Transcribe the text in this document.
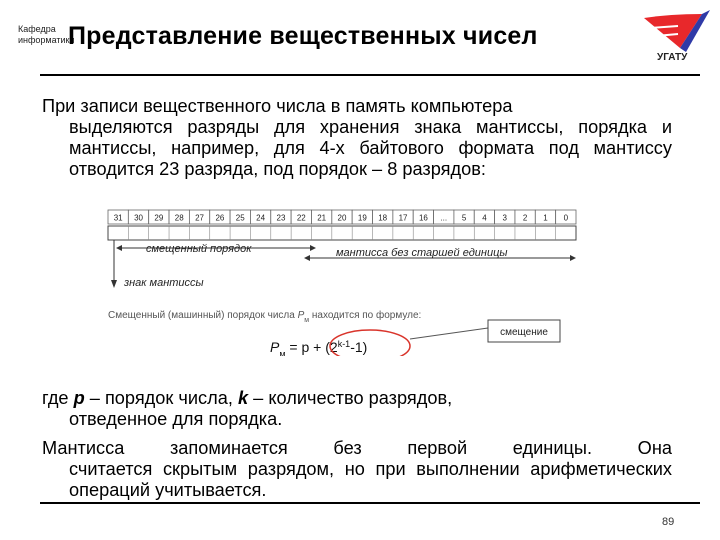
Кафедра
информатики
Представление вещественных чисел
УГАТУ

При записи вещественного числа в память компьютера
выделяются разряды для хранения знака мантиссы, порядка и мантиссы, например, для 4-х байтового формата под мантиссу отводится 23 разряда, под порядок – 8 разрядов:

31 30 29 28 27 26 25 24 23 22 21 20 19 18 17 16 ... 5 4 3 2 1 0
смещенный порядок	мантисса без старшей единицы
знак мантиссы
Смещенный (машинный) порядок числа $P_м$ находится по формуле:
$P_м = p + (2^{k-1}-1)$
смещение

где p – порядок числа, k – количество разрядов,
отведенное для порядка.

Мантисса запоминается без первой единицы. Она
считается скрытым разрядом, но при выполнении арифметических операций учитывается.

89
